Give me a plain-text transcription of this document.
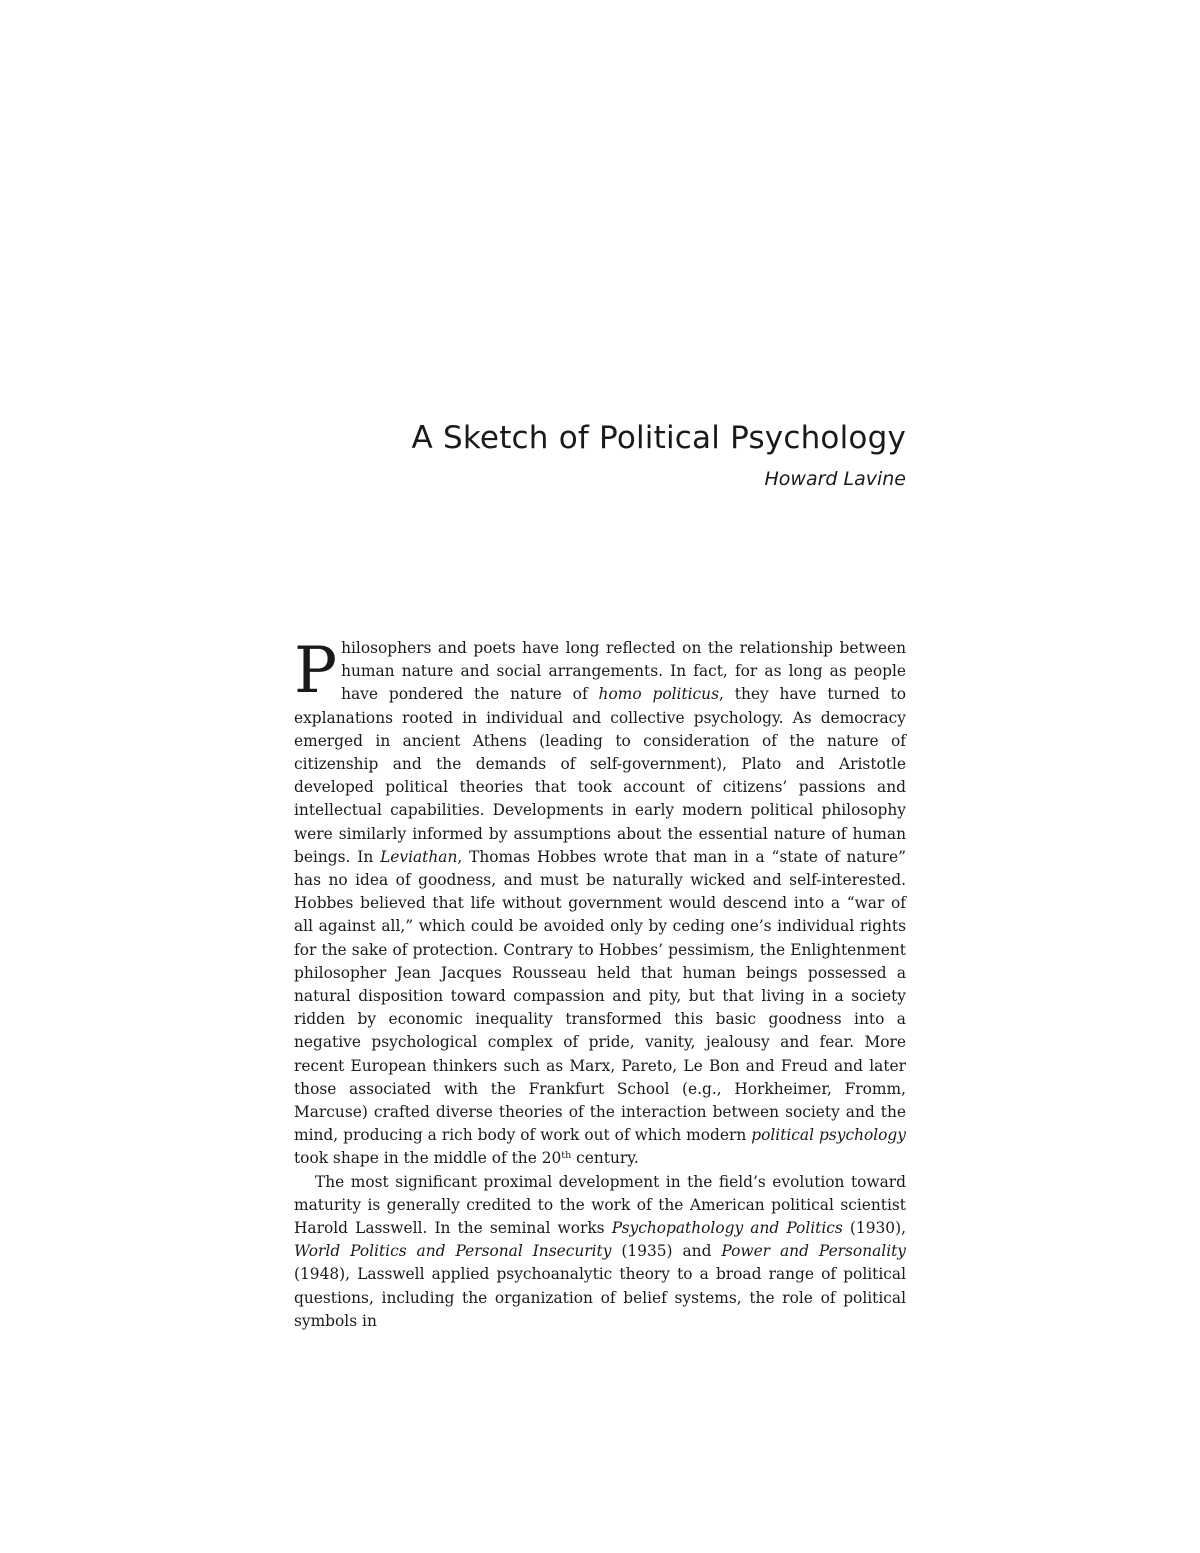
A Sketch of Political Psychology
Howard Lavine

Philosophers and poets have long reflected on the relationship between human nature and social arrangements. In fact, for as long as people have pondered the nature of homo politicus, they have turned to explanations rooted in individual and collective psychology. As democracy emerged in ancient Athens (leading to consideration of the nature of citizenship and the demands of self-government), Plato and Aristotle developed political theories that took account of citizens’ passions and intellectual capabilities. Developments in early modern political philosophy were similarly informed by assumptions about the essential nature of human beings. In Leviathan, Thomas Hobbes wrote that man in a “state of nature” has no idea of goodness, and must be naturally wicked and self-interested. Hobbes believed that life without government would descend into a “war of all against all,” which could be avoided only by ceding one’s individual rights for the sake of protection. Contrary to Hobbes’ pessimism, the Enlightenment philosopher Jean Jacques Rousseau held that human beings possessed a natural disposition toward compassion and pity, but that living in a society ridden by economic inequality transformed this basic goodness into a negative psychological complex of pride, vanity, jealousy and fear. More recent European thinkers such as Marx, Pareto, Le Bon and Freud and later those associated with the Frankfurt School (e.g., Horkheimer, Fromm, Marcuse) crafted diverse theories of the interaction between society and the mind, producing a rich body of work out of which modern political psychology took shape in the middle of the 20th century.

The most significant proximal development in the field’s evolution toward maturity is generally credited to the work of the American political scientist Harold Lasswell. In the seminal works Psychopathology and Politics (1930), World Politics and Personal Insecurity (1935) and Power and Personality (1948), Lasswell applied psychoanalytic theory to a broad range of political questions, including the organization of belief systems, the role of political symbols in
